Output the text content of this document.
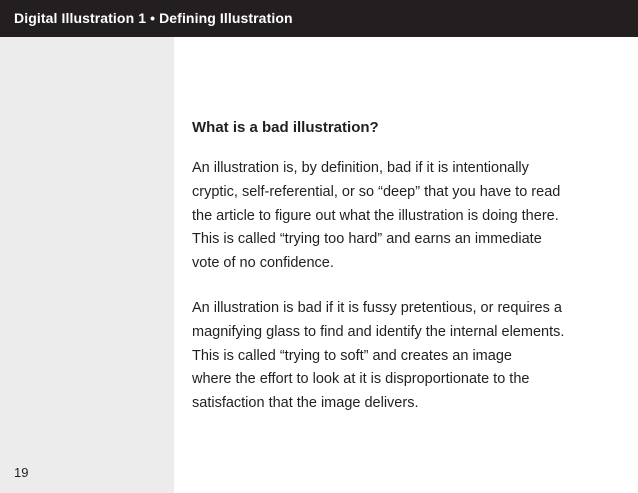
Digital Illustration 1 • Defining Illustration
19
What is a bad illustration?

An illustration is, by definition, bad if it is intentionally
cryptic, self-referential, or so “deep” that you have to read
the article to figure out what the illustration is doing there.
This is called “trying too hard” and earns an immediate
vote of no confidence.

An illustration is bad if it is fussy pretentious, or requires a
magnifying glass to find and identify the internal elements.
This is called “trying to soft” and creates an image
where the effort to look at it is disproportionate to the
satisfaction that the image delivers.
